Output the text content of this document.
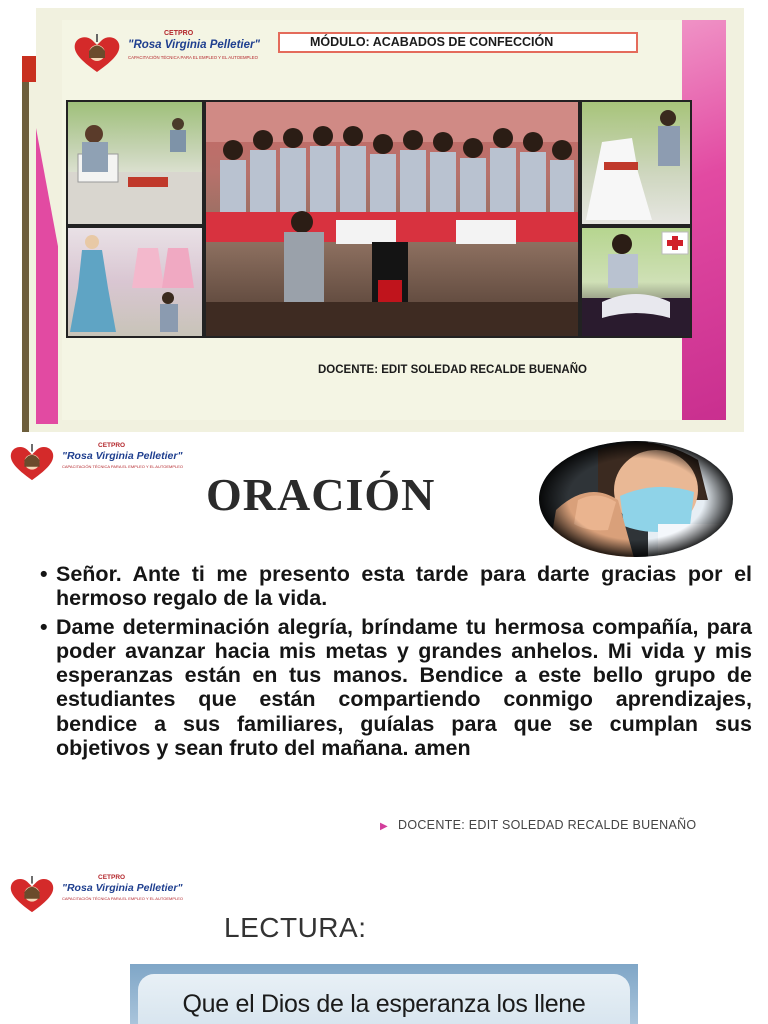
CETPRO
"Rosa Virginia Pelletier"
CAPACITACIÓN TÉCNICA PARA EL EMPLEO Y EL AUTOEMPLEO
MÓDULO: ACABADOS DE CONFECCIÓN
DOCENTE: EDIT SOLEDAD RECALDE BUENAÑO
CETPRO
"Rosa Virginia Pelletier"
CAPACITACIÓN TÉCNICA PARA EL EMPLEO Y EL AUTOEMPLEO
ORACIÓN
• Señor. Ante ti me presento esta tarde para darte gracias por el hermoso regalo de la vida.
• Dame determinación alegría, bríndame tu hermosa compañía, para poder avanzar hacia mis metas y grandes anhelos. Mi vida y mis esperanzas están en tus manos. Bendice a este bello grupo de estudiantes que están compartiendo conmigo aprendizajes, bendice a sus familiares, guíalas para que se cumplan sus objetivos y sean fruto del mañana. amen
▶ DOCENTE: EDIT SOLEDAD RECALDE BUENAÑO
CETPRO
"Rosa Virginia Pelletier"
CAPACITACIÓN TÉCNICA PARA EL EMPLEO Y EL AUTOEMPLEO
LECTURA:
Que el Dios de la esperanza los llene
